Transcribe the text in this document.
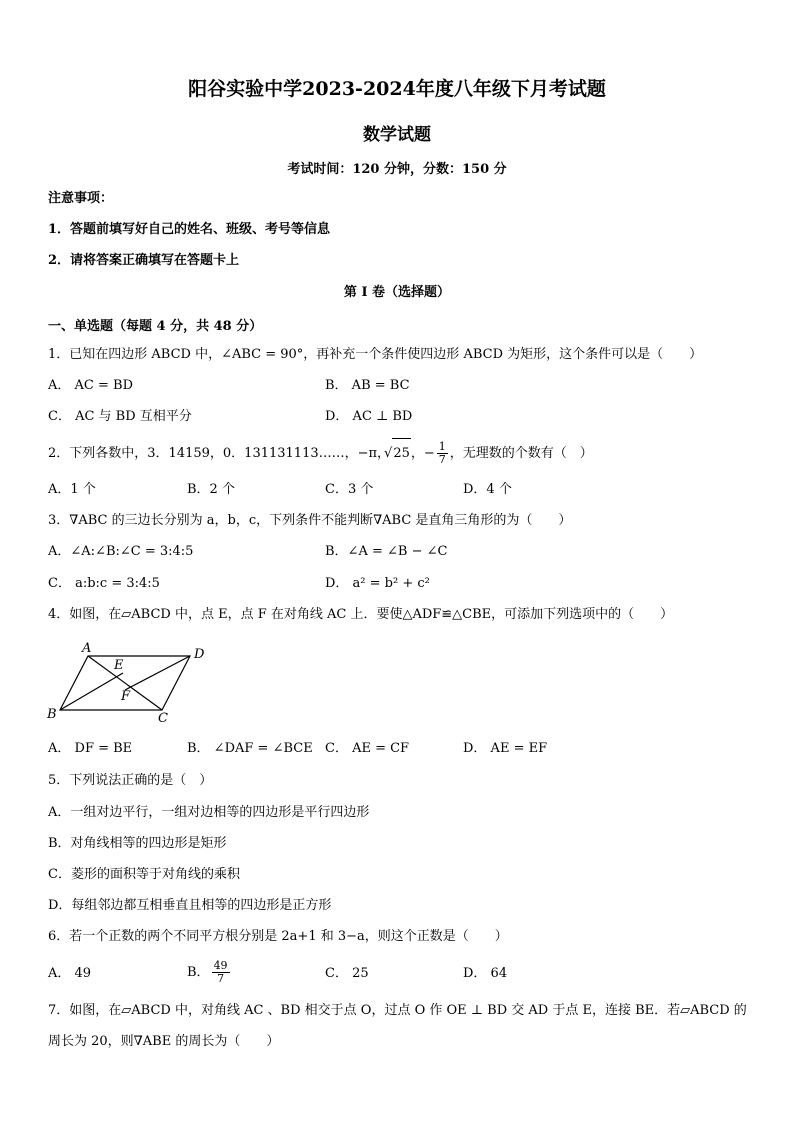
阳谷实验中学2023-2024年度八年级下月考试题
数学试题
考试时间：120 分钟，分数：150 分
注意事项：
1．答题前填写好自己的姓名、班级、考号等信息
2．请将答案正确填写在答题卡上
第 I 卷（选择题）
一、单选题（每题 4 分，共 48 分）
1．已知在四边形 ABCD 中，∠ABC = 90°，再补充一个条件使四边形 ABCD 为矩形，这个条件可以是（　　）
A． AC = BD	B． AB = BC
C． AC 与 BD 互相平分	D． AC ⊥ BD
2．下列各数中，3．14159，0．131131113……，−π，√ 25，− $\frac{1}{7}$ ，无理数的个数有（　）
A．1 个	B．2 个	C．3 个	D．4 个
3．∇ABC 的三边长分别为 a，b，c，下列条件不能判断∇ABC 是直角三角形的为（　　）
A．∠A:∠B:∠C = 3:4:5	B．∠A = ∠B − ∠C
C． a:b:c = 3:4:5	D． a² = b² + c²
4．如图，在▱ABCD 中，点 E，点 F 在对角线 AC 上．要使△ADF≌△CBE，可添加下列选项中的（　　）
A	D
E
F
B	C
A． DF = BE	B． ∠DAF = ∠BCE C． AE = CF	D． AE = EF
5．下列说法正确的是（　）
A．一组对边平行，一组对边相等的四边形是平行四边形
B．对角线相等的四边形是矩形
C．菱形的面积等于对角线的乘积
D．每组邻边都互相垂直且相等的四边形是正方形
6．若一个正数的两个不同平方根分别是 2a+1 和 3−a，则这个正数是（　　）
A． 49	B． $\frac{49}{7}$	C． 25	D． 64
7．如图，在▱ABCD 中，对角线 AC 、BD 相交于点 O，过点 O 作 OE ⊥ BD 交 AD 于点 E，连接 BE．若▱ABCD 的
周长为 20，则∇ABE 的周长为（　　）
